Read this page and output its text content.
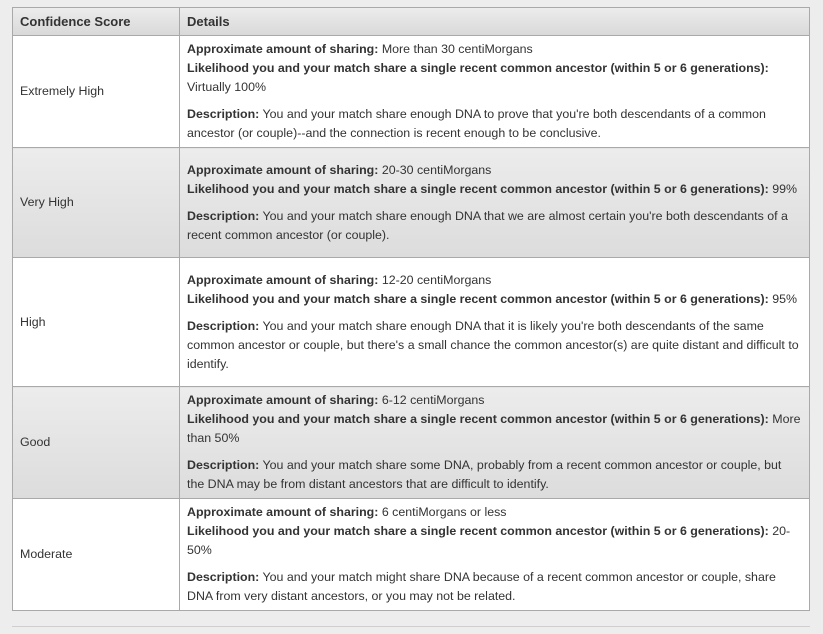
Confidence Score	Details
Extremely High	Approximate amount of sharing: More than 30 centiMorgans
Likelihood you and your match share a single recent common ancestor (within 5 or 6 generations): Virtually 100%
Description: You and your match share enough DNA to prove that you're both descendants of a common ancestor (or couple)--and the connection is recent enough to be conclusive.

Very High	Approximate amount of sharing: 20-30 centiMorgans
Likelihood you and your match share a single recent common ancestor (within 5 or 6 generations): 99%
Description: You and your match share enough DNA that we are almost certain you're both descendants of a recent common ancestor (or couple).

High	Approximate amount of sharing: 12-20 centiMorgans
Likelihood you and your match share a single recent common ancestor (within 5 or 6 generations): 95%
Description: You and your match share enough DNA that it is likely you're both descendants of the same common ancestor or couple, but there's a small chance the common ancestor(s) are quite distant and difficult to identify.

Good	Approximate amount of sharing: 6-12 centiMorgans
Likelihood you and your match share a single recent common ancestor (within 5 or 6 generations): More than 50%
Description: You and your match share some DNA, probably from a recent common ancestor or couple, but the DNA may be from distant ancestors that are difficult to identify.

Moderate	Approximate amount of sharing: 6 centiMorgans or less
Likelihood you and your match share a single recent common ancestor (within 5 or 6 generations): 20-50%
Description: You and your match might share DNA because of a recent common ancestor or couple, share DNA from very distant ancestors, or you may not be related.
